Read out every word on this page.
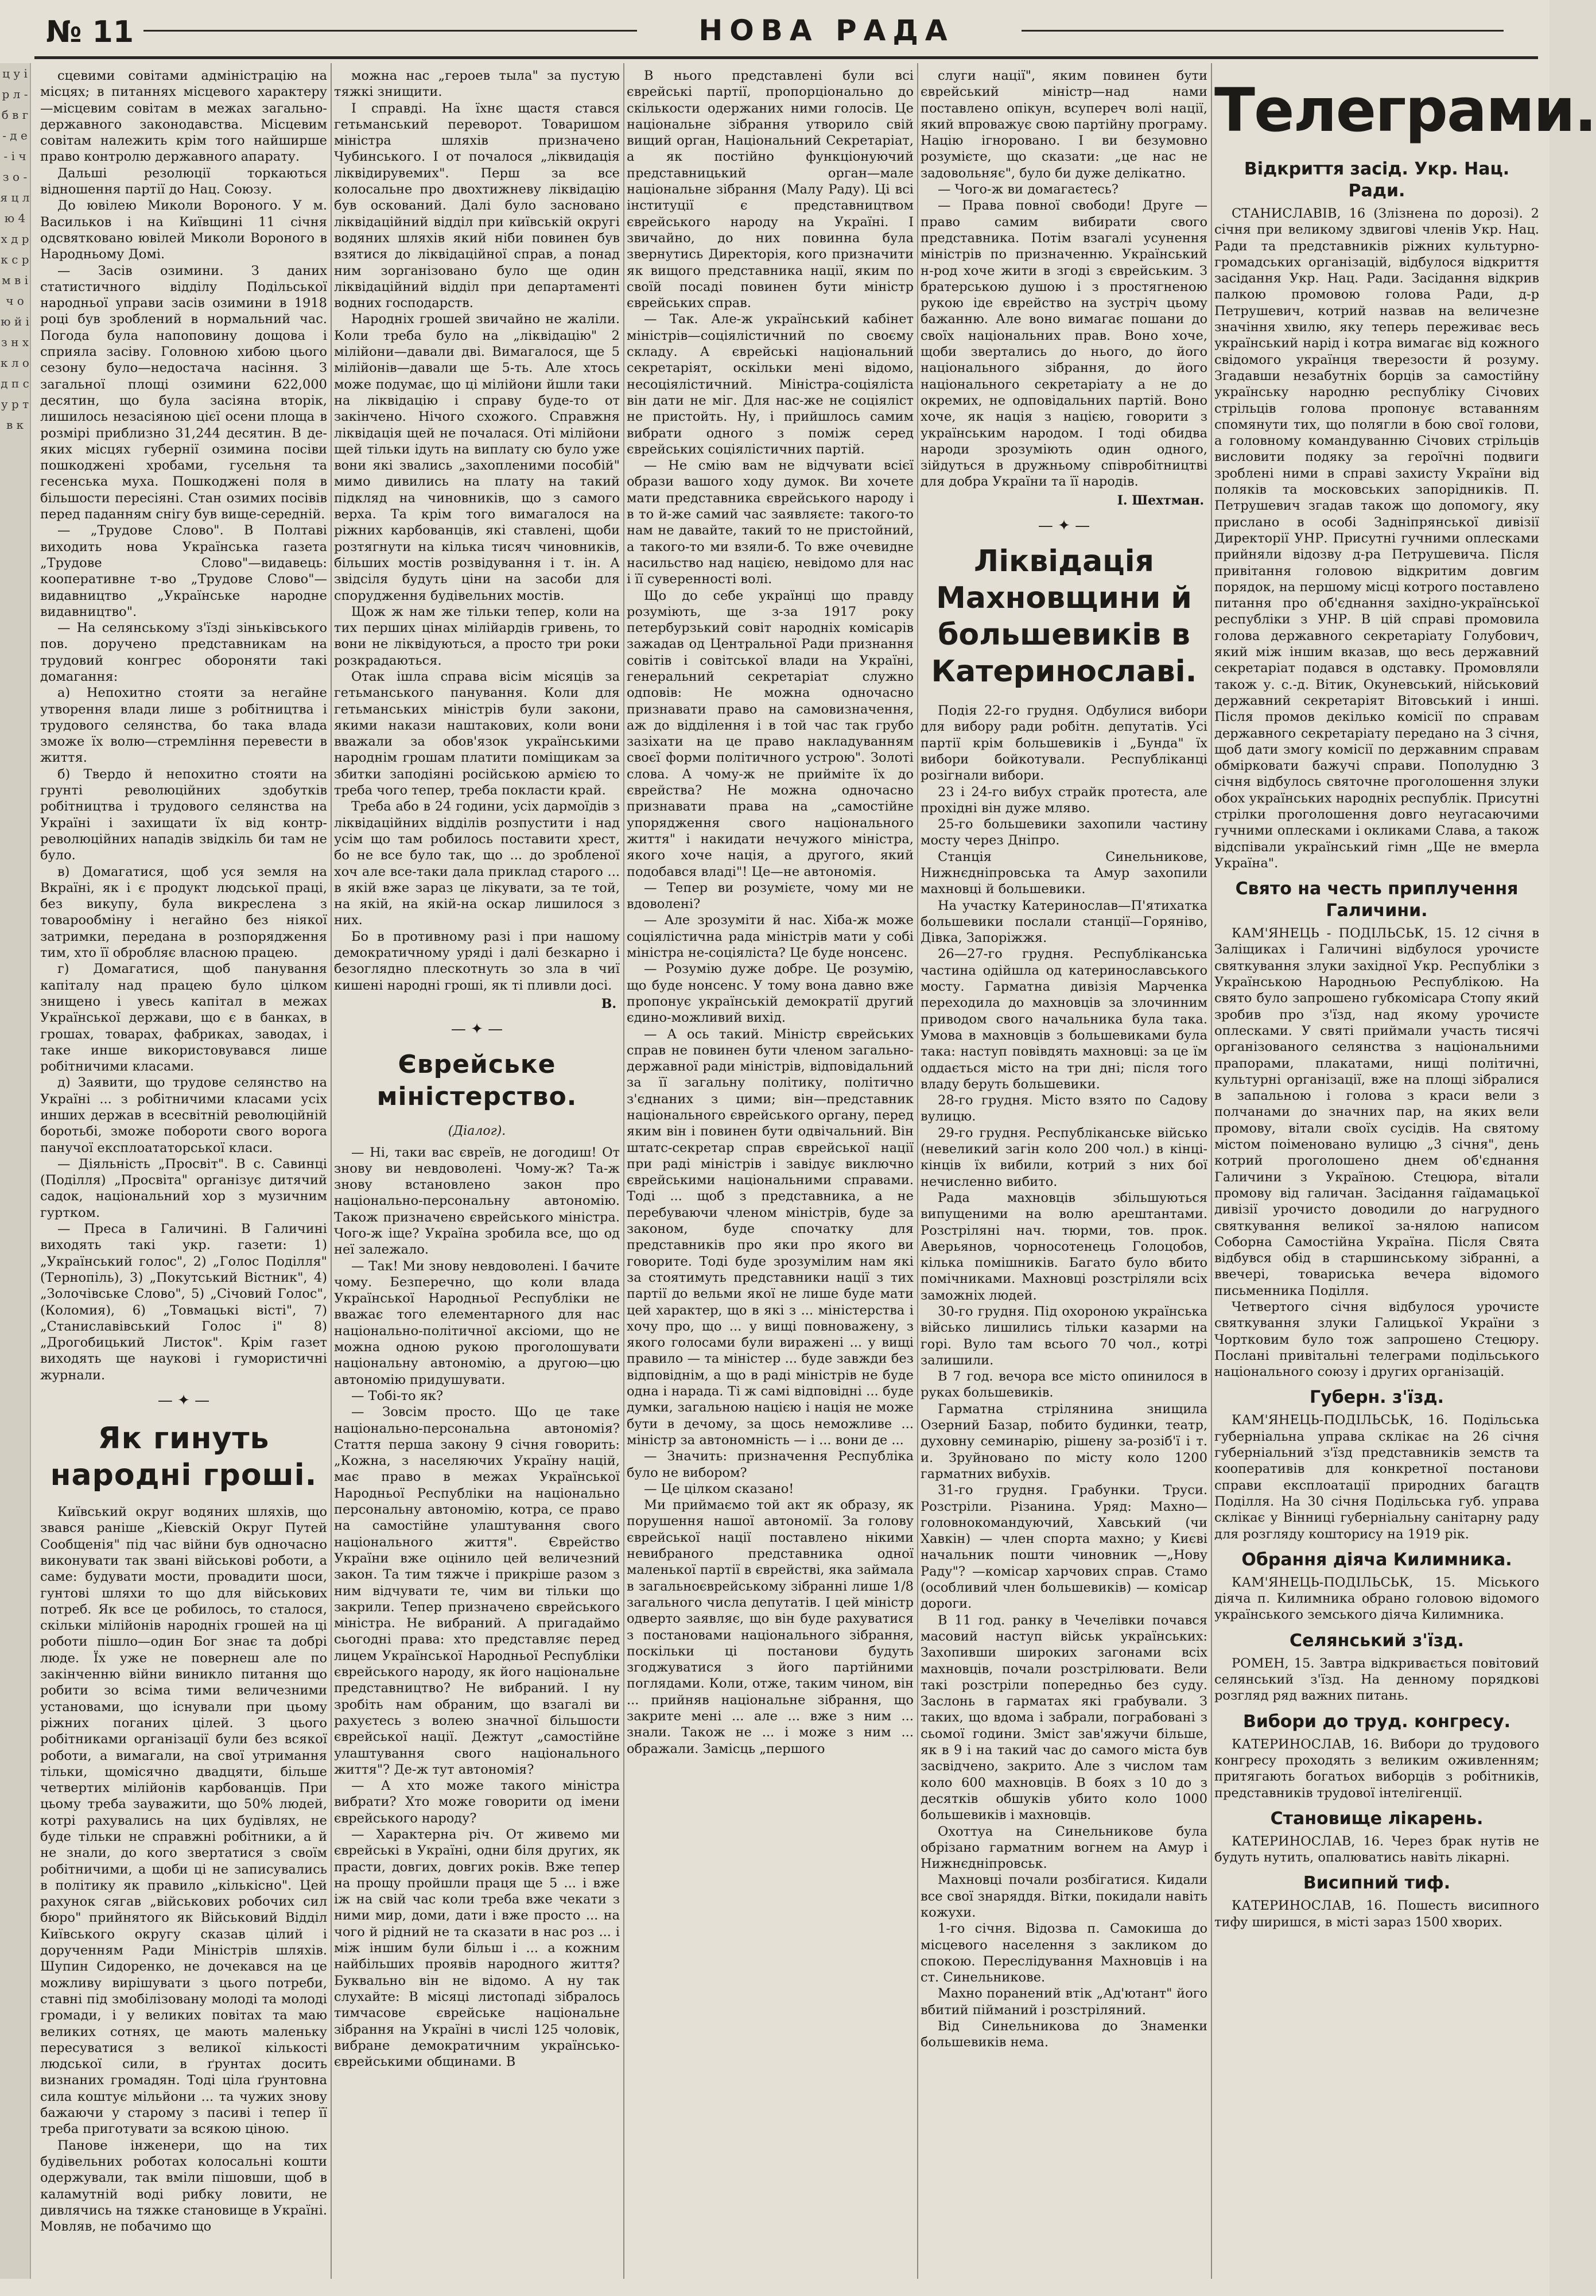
№ 11	НОВА РАДА
ц у і р л - б в г - д е - і ч з о - я ц л ю 4 х д р к с р м в і ч о ю й і з н х к л о д п с у р т в к

сцевими совітами адміністрацію на місцях; в питаннях місцевого характеру—місцевим совітам в межах загально-державного законодавства. Місцевим совітам належить крім того найширше право контролю державного апарату.

Дальші резолюції торкаються відношення партії до Нац. Союзу.

До ювілею Миколи Вороного. У м. Васильков і на Київщині 11 січня одсвятковано ювілей Миколи Вороного в Народньому Домі.

— Засів озимини. З даних статистичного відділу Подільської народньої управи засів озимини в 1918 році був зроблений в нормальний час. Погода була напоповину дощова і сприяла засіву. Головною хибою цього сезону було—недостача насіння. З загальної площі озимини 622,000 десятин, що була засіяна вторік, лишилось незасіяною цієї осени площа в розмірі приблизно 31,244 десятин. В де-яких місцях губернії озимина посіви пошкоджені хробами, гусельня та гесенська муха. Пошкоджені поля в більшости пересіяні. Стан озимих посівів перед паданням снігу був вище-середній.

— „Трудове Слово". В Полтаві виходить нова Українська газета „Трудове Слово"—видавець: кооперативне т-во „Трудове Слово"—видавництво „Українське народне видавництво".

— На селянському з'їзді зіньківського пов. доручено представникам на трудовий конгрес обороняти такі домагання:

а) Непохитно стояти за негайне утворення влади лише з робітництва і трудового селянства, бо така влада зможе їх волю—стремління перевести в життя.

б) Твердо й непохитно стояти на грунті революційних здобутків робітництва і трудового селянства на Україні і захищати їх від контр-революційних нападів звідкіль би там не було.

в) Домагатися, щоб уся земля на Вкраїні, як і є продукт людської праці, без викупу, була викреслена з товарообміну і негайно без ніякої затримки, передана в розпорядження тим, хто її обробляє власною працею.

г) Домагатися, щоб панування капіталу над працею було цілком знищено і увесь капітал в межах Української держави, що є в банках, в грошах, товарах, фабриках, заводах, і таке инше використовувався лише робітничими класами.

д) Заявити, що трудове селянство на Україні ... з робітничими класами усіх инших держав в всесвітній революційній боротьбі, зможе побороти свого ворога панучої експлоататорської класи.

— Діяльність „Просвіт". В с. Савинці (Поділля) „Просвіта" організує дитячий садок, національний хор з музичним гуртком.

— Преса в Галичині. В Галичині виходять такі укр. газети: 1) „Український голос", 2) „Голос Поділля" (Тернопіль), 3) „Покутський Вістник", 4) „Золочівське Слово", 5) „Січовий Голос", (Коломия), 6) „Товмацькі вісті", 7) „Станиславівський Голос і" 8) „Дрогобицький Листок". Крім газет виходять ще наукові і гумористичні журнали.

— ✦ —
Як гинуть народні гроші.

Київський округ водяних шляхів, що звався раніше „Кіевскій Округ Путей Сообщенія" під час війни був одночасно виконувати так звані військові роботи, а саме: будувати мости, провадити шоси, гунтові шляхи то що для військових потреб. Як все це робилось, то сталося, скільки мілійонів народніх грошей на ці роботи пішло—один Бог знає та добрі люде. Їх уже не повернеш але по закінченню війни виникло питання що робити зо всіма тими величезними установами, що існували при цьому ріжних поганих цілей. З цього робітниками організації були без всякої роботи, а вимагали, на свої утримання тільки, щомісячно двадцяти, більше четвертих мілійонів карбованців. При цьому треба зауважити, що 50% людей, котрі рахувались на цих будівлях, не буде тільки не справжні робітники, а й не знали, до кого звертатися з своїм робітничими, а щоби ці не записувались в політику як правило „кількісно". Цей рахунок сягав „військових робочих сил бюро" прийнятого як Військовий Відділ Київського округу сказав цілий і дорученням Ради Міністрів шляхів. Шупин Сидоренко, не дочекався на це можливу вирішувати з цього потреби, ставні під змобілізовану молоді та молоді громади, і у великих повітах та маю великих сотнях, це мають маленьку пересуватися з великої кількості людської сили, в ґрунтах досить визнаних громадян. Тоді ціла ґрунтовна сила коштує мільйони ... та чужих знову бажаючи у старому з пасиві і тепер її треба приготувати за всякою ціною.

Панове інженери, що на тих будівельних роботах колосальні кошти одержували, так вміли пішовши, щоб в каламутній воді рибку ловити, не дивлячись на тяжке становище в Україні. Мовляв, не побачимо що

можна нас „героев тыла" за пустую тяжкі знищити.

І справді. На їхнє щастя стався гетьманський переворот. Товаришом міністра шляхів призначено Чубинського. І от почалося „ліквидація ліквідирувемих". Перш за все колосальне про двохтижневу ліквідацію був оскований. Далі було засновано ліквідаційний відділ при київській округі водяних шляхів який ніби повинен був взятися до ліквідаційної справ, а понад ним зорганізовано було ще один ліквідаційний відділ при департаменті водних господарств.

Народніх грошей звичайно не жаліли. Коли треба було на „ліквідацію" 2 мілійони—давали дві. Вимагалося, ще 5 мілійонів—давали ще 5-ть. Але хтось може подумає, що ці мілійони йшли таки на ліквідацію і справу буде-то от закінчено. Нічого схожого. Справжня ліквідація щей не почалася. Оті мілійони щей тільки ідуть на виплату сю було уже вони які звались „захопленими пособій" мимо дивились на плату на такий підкляд на чиновників, що з самого верха. Та крім того вимагалося на ріжних карбованців, які ставлені, щоби розтягнути на кілька тисяч чиновників, більших мостів розвідування і т. ін. А звідсіля будуть ціни на засоби для спорудження будівельних мостів.

Щож ж нам же тільки тепер, коли на тих перших цінах мілійардів гривень, то вони не ліквідуються, а просто три роки розкрадаються.

Отак ішла справа вісім місяців за гетьманського панування. Коли для гетьманських міністрів були закони, якими накази наштакових, коли вони вважали за обов'язок українськими народнім грошам платити поміщикам за збитки заподіяні російською армією то треба чого тепер, треба покласти край.

Треба або в 24 години, усіх дармоїдів з ліквідаційних відділів розпустити і над усім що там робилось поставити хрест, бо не все було так, що ... до зробленої хоч але все-таки дала приклад старого ... в якій вже зараз це лікувати, за те той, на якій, на якій-на оскар лишилося з них.

Бо в противному разі і при нашому демократичному уряді і далі безкарно і безоглядно плескотнуть зо зла в чиї кишені народні гроші, як ті пливли досі.

В.
— ✦ —
Єврейське міністерство.
(Діалог).

— Ні, таки вас євреїв, не догодиш! От знову ви невдоволені. Чому-ж? Та-ж знову встановлено закон про національно-персональну автономію. Також призначено єврейського міністра. Чого-ж іще? Україна зробила все, що од неї залежало.

— Так! Ми знову невдоволені. І бачите чому. Безперечно, що коли влада Української Народньої Республіки не вважає того елементарного для нас національно-політичної аксіоми, що не можна одною рукою проголошувати національну автономію, а другою—цю автономію придушувати.

— Тобі-то як?

— Зовсім просто. Що це таке національно-персональна автономія? Стаття перша закону 9 січня говорить: „Кожна, з населяючих Україну націй, має право в межах Української Народньої Республіки на національно персональну автономію, котра, се право на самостійне улаштування свого національного життя". Єврейство України вже оцінило цей величезний закон. Та тим тяжче і прикріше разом з ним відчувати те, чим ви тільки що закрили. Тепер призначено єврейського міністра. Не вибраний. А пригадаймо сьогодні права: хто представляє перед лицем Української Народньої Республіки єврейського народу, як його національне представництво? Не вибраний. І ну зробіть нам обраним, що взагалі ви рахуєтесь з волею значної більшости єврейської нації. Дежтут „самостійне улаштування свого національного життя"? Де-ж тут автономія?

— А хто може такого міністра вибрати? Хто може говорити од імени єврейського народу?

— Характерна річ. От живемо ми єврейські в Україні, одни біля других, як прасти, довгих, довгих років. Вже тепер на прощу пройшли праця ще 5 ... і вже іж на свій час коли треба вже чекати з ними мир, доми, дати і вже просто ... на чого й рідний не та сказати в нас роз ... і між іншим були більш і ... а кожним найбільших проявів народного життя? Буквально він не відомо. А ну так слухайте: В місяці листопаді зібралось тимчасове єврейське національне зібрання на Україні в числі 125 чоловік, вибране демократичним українсько-єврейськими общинами. В

В нього представлені були всі єврейські партії, пропорціонально до скількости одержаних ними голосів. Це національне зібрання утворило свій вищий орган, Національний Секретаріат, а як постійно функціонуючий представницький орган—мале національне зібрання (Малу Раду). Ці всі інституції є представництвом єврейського народу на Україні. І звичайно, до них повинна була звернутись Директорія, кого призначити як вищого представника нації, яким по своїй посаді повинен бути міністр єврейських справ.

— Так. Але-ж український кабінет міністрів—соціялістичний по своєму складу. А єврейські національний секретаріят, оскільки мені відомо, несоціялістичний. Міністра-соціяліста він дати не міг. Для нас-же не соціяліст не пристойть. Ну, і прийшлось самим вибрати одного з поміж серед єврейських соціялістичних партій.

— Не смію вам не відчувати всієї образи вашого ходу думок. Ви хочете мати представника єврейського народу і в то й-же самий час заявляєте: такого-то нам не давайте, такий то не пристойний, а такого-то ми взяли-б. То вже очевидне насильство над нацією, невідомо для нас і її суверенності волі.

Що до себе українці що правду розуміють, ще з-за 1917 року петербурзький совіт народніх комісарів зажадав од Центральної Ради признання совітів і совітської влади на Україні, генеральний секретаріат служно одповів: Не можна одночасно признавати право на самовизначення, аж до відділення і в той час так грубо зазіхати на це право накладуванням своєї форми політичного устрою". Золоті слова. А чому-ж не прийміте їх до єврейства? Не можна одночасно признавати права на „самостійне упорядження свого національного життя" і накидати нечужого міністра, якого хоче нація, а другого, який подобався владі"! Це—не автономія.

— Тепер ви розумієте, чому ми не вдоволені?

— Але зрозуміти й нас. Хіба-ж може соціялістична рада міністрів мати у собі міністра не-соціяліста? Це буде нонсенс.

— Розумію дуже добре. Це розумію, що буде нонсенс. У тому вона давно вже пропонує українській демократії другий єдино-можливий вихід.

— А ось такий. Міністр єврейських справ не повинен бути членом загально-державної ради міністрів, відповідальний за її загальну політику, політично з'єднаних з цими; він—представник національного єврейського органу, перед яким він і повинен бути одвічальний. Він штатс-секретар справ єврейської нації при раді міністрів і завідує виключно єврейськими національними справами. Тоді ... щоб з представника, а не перебуваючи членом міністрів, буде за законом, буде спочатку для представників про яки про якого ви говорите. Тоді буде зрозумілим нам які за стоятимуть представники нації з тих партії до вельми якої не лише буде мати цей характер, що в які з ... міністерства і хочу про, що ... у вищі повноважену, з якого голосами були виражені ... у вищі правило — та міністер ... буде завжди без відповіднім, а що в раді міністрів не буде одна і нарада. Ті ж самі відповідні ... буде думки, загальною нацією і нація не може бути в дечому, за щось неможливе ... міністр за автономність — і ... вони де ...

— Значить: призначення Республіка було не вибором?

— Це цілком сказано!

Ми приймаємо той акт як образу, як порушення нашої автономії. За голову єврейської нації поставлено нікими невибраного представника одної маленької партії в єврействі, яка займала в загальноєврейському зібранні лише 1/8 загального числа депутатів. І цей міністр одверто заявляє, що він буде рахуватися з постановами національного зібрання, поскільки ці постанови будуть згоджуватися з його партійними поглядами. Коли, отже, таким чином, він ... прийняв національне зібрання, що закрите мені ... але ... вже з ним ... знали. Також не ... і може з ним ... ображали. Замісць „першого

слуги нації", яким повинен бути єврейський міністр—над нами поставлено опікун, всупереч волі нації, який впроважує свою партійну програму. Націю ігноровано. І ви безумовно розумієте, що сказати: „це нас не задовольняє", було би дуже делікатно.

— Чого-ж ви домагаєтесь?

— Права повної свободи! Друге — право самим вибирати свого представника. Потім взагалі усунення міністрів по призначенню. Український н-род хоче жити в згоді з єврейським. З братерською душою і з простягненою рукою іде єврейство на зустріч цьому бажанню. Але воно вимагає пошани до своїх національних прав. Воно хоче, щоби звертались до нього, до його національного зібрання, до його національного секретаріату а не до окремих, не одповідальних партій. Воно хоче, як нація з нацією, говорити з українським народом. І тоді обидва народи зрозуміють один одного, зійдуться в дружньому співробітництві для добра України та її народів.

І. Шехтман.
— ✦ —
Ліквідація Махновщини й большевиків в Катеринославі.

Подія 22-го грудня. Одбулися вибори для вибору ради робітн. депутатів. Усі партії крім большевиків і „Бунда" їх вибори бойкотували. Республіканці розігнали вибори.

23 і 24-го вибух страйк протеста, але прохідні він дуже мляво.

25-го большевики захопили частину мосту через Дніпро.

Станція Синельникове, Нижнєдніпровська та Амур захопили махновці й большевики.

На участку Катеринослав—П'ятихатка большевики послали станції—Горяніво, Дівка, Запоріжжя.

26—27-го грудня. Республіканська частина одійшла од катеринославського мосту. Гарматна дивізія Марченка переходила до махновців за злочинним приводом свого начальника була така. Умова в махновців з большевиками була така: наступ повівдять махновці: за це їм оддається місто на три дні; після того владу беруть большевики.

28-го грудня. Місто взято по Садову вулицю.

29-го грудня. Республіканське військо (невеликий загін коло 200 чол.) в кінці-кінців їх вибили, котрий з них бої нечисленно вибито.

Рада махновців збільшуються випущеними на волю арештантами. Розстріляні нач. тюрми, тов. прок. Аверьянов, чорносотенець Голоцобов, кілька помішників. Багато було вбито помічниками. Махновці розстріляли всіх заможніх людей.

30-го грудня. Під охороною українська військо лишились тільки казарми на горі. Вуло там всього 70 чол., котрі залишили.

В 7 год. вечора все місто опинилося в руках большевиків.

Гарматна стрілянина знищила Озерний Базар, побито будинки, театр, духовну семинарію, рішену за-розіб'ї і т. и. Зруйновано по місту коло 1200 гарматних вибухів.

31-го грудня. Грабунки. Труси. Розстріли. Різанина. Уряд: Махно—головнокомандуючий, Хавський (чи Хавкін) — член спорта махно; у Києві начальник пошти чиновник —„Нову Раду"? —комісар харчових справ. Стамо (особливий член большевиків) — комісар дороги.

В 11 год. ранку в Чечелівки почався масовий наступ військ українських: Захопивши широких загонами всіх махновців, почали розстрілювати. Вели такі розстріли попередньо без суду. Заслонь в гарматах які грабували. З таких, що вдома і забрали, пограбовані з сьомої години. Зміст зав'яжучи більше, як в 9 і на такий час до самого міста був засвідчено, закрито. Але з числом там коло 600 махновців. В боях з 10 до з десятків обшуків убито коло 1000 большевиків і махновців.

Охоттуа на Синельникове була обрізано гарматним вогнем на Амур і Нижнєдніпровськ.

Махновці почали розбігатися. Кидали все свої знаряддя. Вітки, покидали навіть кожухи.

1-го січня. Вiдозва п. Самокиша до місцевого населення з закликом до спокою. Переслідування Махновців і на ст. Синельникове.

Махно поранений втік „Ад'ютант" його вбитий пійманий і розстріляний.

Від Синельникова до Знаменки большевиків нема.

Телеграми.
Відкриття засід. Укр. Нац. Ради.

СТАНИСЛАВІВ, 16 (Злізнена по дорозі). 2 січня при великому здвигові членів Укр. Нац. Ради та представників ріжних культурно-громадських організацій, відбулося відкриття засідання Укр. Нац. Ради. Засідання відкрив палкою промовою голова Ради, д-р Петрушевич, котрий назвав на величезне значіння хвилю, яку теперь переживає весь український нарід і котра вимагає від кожного свідомого українця тверезости й розуму. Згадавши незабутніх борців за самостійну українську народню республіку Січових стрільців голова пропонує вставанням спомянути тих, що полягли в бою свої голови, а головному командуванню Січових стрільців висловити подяку за героїчні подвиги зроблені ними в справі захисту України від поляків та московських запорідників. П. Петрушевич згадав також що допомогу, яку прислано в особі Задніпрянської дивізії Директорії УНР. Присутні гучними оплесками прийняли відозву д-ра Петрушевича. Після привітання головою відкритим довгим порядок, на першому місці котрого поставлено питання про об'єднання західно-української республіки з УНР. В цій справі промовила голова державного секретаріату Голубович, який між іншим вказав, що весь державний секретаріат подався в одставку. Промовляли також у. с.-д. Вітик, Окуневський, нійськовий державний секретаріят Вітовський і инші. Після промов декілько комісії по справам державного секретаріату передано на 3 січня, щоб дати змогу комісії по державним справам обмірковати бажучі справи. Пополудню 3 січня відбулось святочне проголошення злуки обох українських народніх республік. Присутні стрілки проголошення довго неугасаючими гучними оплесками і окликами Слава, а також відспівали український гімн „Ще не вмерла Україна".

Свято на честь приплучення Галичини.

КАМ'ЯНЕЦЬ - ПОДІЛЬСЬК, 15. 12 січня в Заліщиках і Галичині відбулося урочисте святкування злуки західної Укр. Республіки з Українською Народньою Республікою. На свято було запрошено губкомісара Стопу який зробив про з'їзд, над якому урочисте оплесками. У святі приймали участь тисячі організованого селянства з національними прапорами, плакатами, нищі політичні, культурні організації, вже на площі зібралися в запальною і голова з краси вели з полчанами до значних пар, на яких вели промову, вітали своїх сусідів. На святому містом поіменовано вулицю „3 січня", день котрий проголошено днем об'єднання Галичини з Україною. Стецюра, вітали промову від галичан. Засідання гаїдамацької дивізії урочисто доводили до нагрудного святкування великої за-нялою написом Соборна Самостійна Україна. Після Свята відбувся обід в старшинському зібранні, а ввечері, товариська вечера відомого письменника Поділля.

Четвертого січня відбулося урочисте святкування злуки Галицької України з Чортковим було тож запрошено Стецюру. Послані привітальні телеграми подільського національного союзу і других організацій.

Губерн. з'їзд.

КАМ'ЯНЕЦЬ-ПОДІЛЬСЬК, 16. Подільська губерніальна управа склікає на 26 січня губерніальний з'їзд представників земств та кооперативів для конкретної постанови справи експлоатації природних багацтв Поділля. На 30 січня Подільська губ. управа склікає у Вінниці губерніальну санітарну раду для розгляду кошторису на 1919 рік.

Обрання діяча Килимника.

КАМ'ЯНЕЦЬ-ПОДІЛЬСЬК, 15. Міського діяча п. Килимника обрано головою відомого українського земського діяча Килимника.

Селянський з'їзд.

РОМЕН, 15. Завтра відкривається повітовий селянський з'їзд. На денному порядкові розгляд ряд важних питань.

Вибори до труд. конгресу.

КАТЕРИНОСЛАВ, 16. Вибори до трудового конгресу проходять з великим оживленням; притягають богатьох виборців з робітників, представників трудової інтелігенції.

Становище лікарень.

КАТЕРИНОСЛАВ, 16. Через брак нутів не будуть нутить, опалюватись навіть лікарні.

Висипний тиф.

КАТЕРИНОСЛАВ, 16. Пошесть висипного тифу ширишся, в місті зараз 1500 хворих.
